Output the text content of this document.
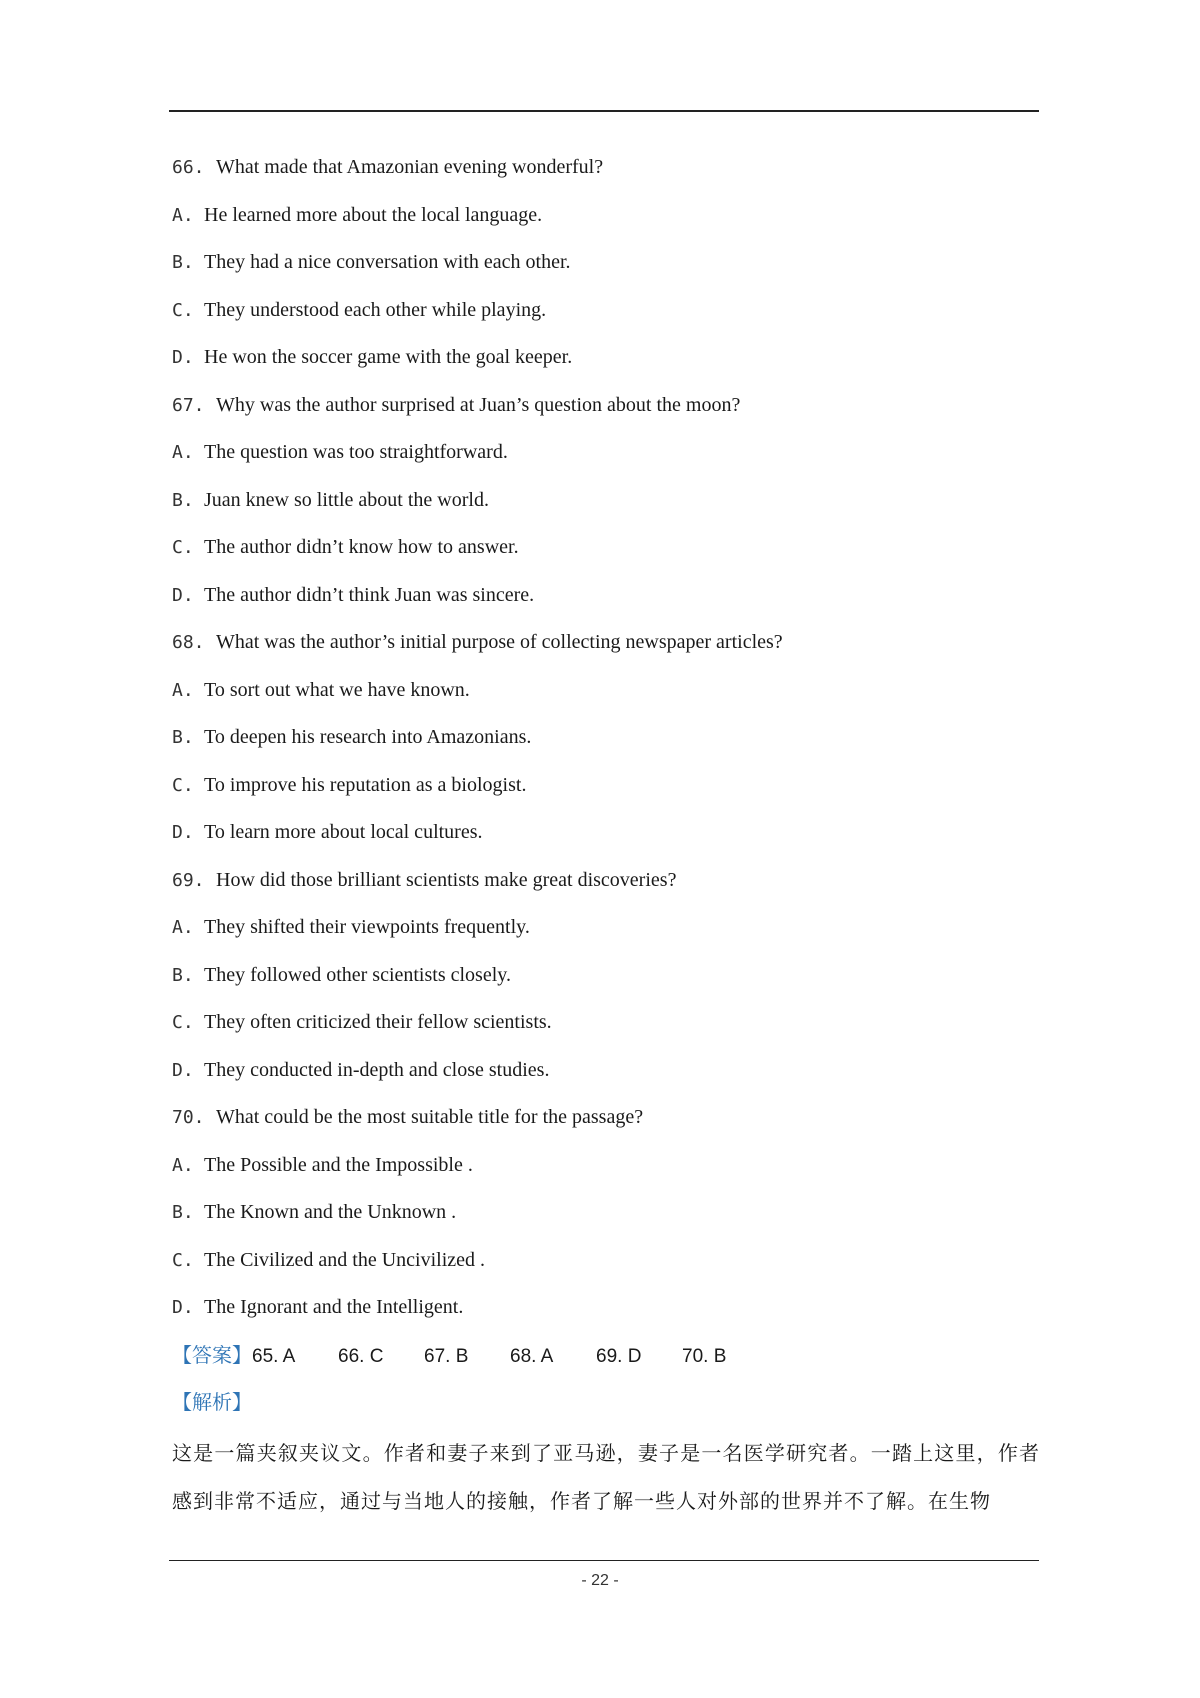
66. What made that Amazonian evening wonderful?
A. He learned more about the local language.
B. They had a nice conversation with each other.
C. They understood each other while playing.
D. He won the soccer game with the goal keeper.
67. Why was the author surprised at Juan’s question about the moon?
A. The question was too straightforward.
B. Juan knew so little about the world.
C. The author didn’t know how to answer.
D. The author didn’t think Juan was sincere.
68. What was the author’s initial purpose of collecting newspaper articles?
A. To sort out what we have known.
B. To deepen his research into Amazonians.
C. To improve his reputation as a biologist.
D. To learn more about local cultures.
69. How did those brilliant scientists make great discoveries?
A. They shifted their viewpoints frequently.
B. They followed other scientists closely.
C. They often criticized their fellow scientists.
D. They conducted in-depth and close studies.
70. What could be the most suitable title for the passage?
A. The Possible and the Impossible .
B. The Known and the Unknown .
C. The Civilized and the Uncivilized .
D. The Ignorant and the Intelligent.
【答案】65. A 66. C 67. B 68. A 69. D 70. B
【解析】
这是一篇夹叙夹议文。作者和妻子来到了亚马逊，妻子是一名医学研究者。一踏上这里，作者感到非常不适应，通过与当地人的接触，作者了解一些人对外部的世界并不了解。在生物
- 22 -
